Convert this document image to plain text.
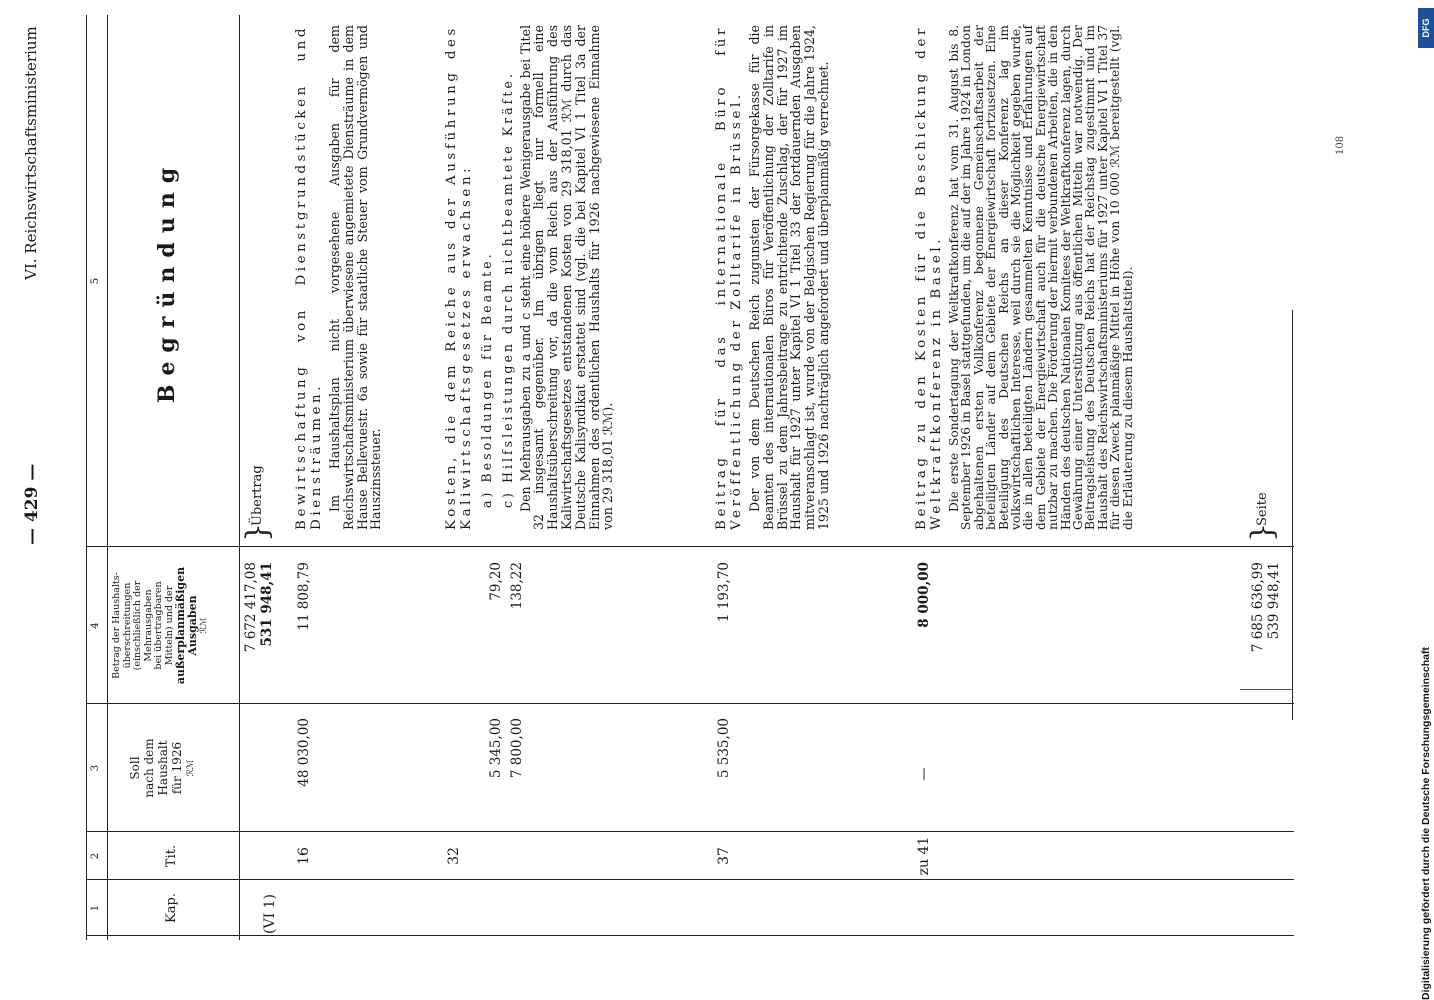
DFG
Digitalisierung gefördert durch die Deutsche Forschungsgemeinschaft
— 429 —
VI. Reichswirtschaftsministerium	108
1
2
3
4
5
Kap.
Tit.
Soll nach dem Haushalt für 1926 ℛℳ
Betrag der Haushalts- überschreitungen (einschließlich der Mehrausgaben bei übertragbaren Mitteln) und der außerplanmäßigen Ausgaben ℛℳ
Begründung
(VI 1)
7 672 417,08 531 948,41
}
Übertrag
16
48 030,00
11 808,79
Bewirtschaftung von Dienstgrundstücken und Diensträumen. Im Haushaltsplan nicht vorgesehene Ausgaben für dem Reichswirtschaftsministerium überwiesene angemietete Diensträume in dem Hause Bellevuestr. 6a sowie für staatliche Steuer vom Grundvermögen und Hauszinssteuer.

32
5 345,00
79,20
7 800,00
138,22
Kosten, die dem Reiche aus der Ausführung des Kaliwirtschaftsgesetzes erwachsen: a) Besoldungen für Beamte. c) Hilfsleistungen durch nichtbeamtete Kräfte. Den Mehrausgaben zu a und c steht eine höhere Wenigerausgabe bei Titel 32 insgesamt gegenüber. Im übrigen liegt nur formell eine Haushaltsüberschreitung vor, da die vom Reich aus der Ausführung des Kaliwirtschaftsgesetzes entstandenen Kosten von 29 318,01 ℛℳ durch das Deutsche Kalisyndikat erstattet sind (vgl. die bei Kapitel VI 1 Titel 3a der Einnahmen des ordentlichen Haushalts für 1926 nachgewiesene Einnahme von 29 318,01 ℛℳ).

37
5 535,00
1 193,70
Beitrag für das internationale Büro für Veröffentlichung der Zolltarife in Brüssel. Der von dem Deutschen Reich zugunsten der Fürsorgekasse für die Beamten des internationalen Büros für Veröffentlichung der Zolltarife in Brüssel zu dem Jahresbeitrage zu entrichtende Zuschlag, der für 1927 im Haushalt für 1927 unter Kapitel VI 1 Titel 33 der fortdauernden Ausgaben mitveranschlagt ist, wurde von der Belgischen Regierung für die Jahre 1924, 1925 und 1926 nachträglich angefordert und überplanmäßig verrechnet.

zu 41
—
8 000,00
Beitrag zu den Kosten für die Beschickung der Weltkraftkonferenz in Basel. Die erste Sondertagung der Weltkraftkonferenz hat vom 31. August bis 8. September 1926 in Basel stattgefunden, um die auf der im Jahre 1924 in London abgehaltenen ersten Vollkonferenz begonnene Gemeinschaftsarbeit der beteiligten Länder auf dem Gebiete der Energiewirtschaft fortzusetzen. Eine Beteiligung des Deutschen Reichs an dieser Konferenz lag im volkswirtschaftlichen Interesse, weil durch sie die Möglichkeit gegeben wurde, die in allen beteiligten Ländern gesammelten Kenntnisse und Erfahrungen auf dem Gebiete der Energiewirtschaft auch für die deutsche Energiewirtschaft nutzbar zu machen. Die Förderung der hiermit verbundenen Arbeiten, die in den Händen des deutschen Nationalen Komitees der Weltkraftkonferenz lagen, durch Gewährung einer Unterstützung aus öffentlichen Mitteln war notwendig. Der Beitragsleistung des Deutschen Reichs hat der Reichstag zugestimmt und im Haushalt des Reichswirtschaftsministeriums für 1927 unter Kapitel VI 1 Titel 37 für diesen Zweck planmäßige Mittel in Höhe von 10 000 ℛℳ bereitgestellt (vgl. die Erläuterung zu diesem Haushaltstitel).

7 685 636,99 539 948,41
}
Seite
